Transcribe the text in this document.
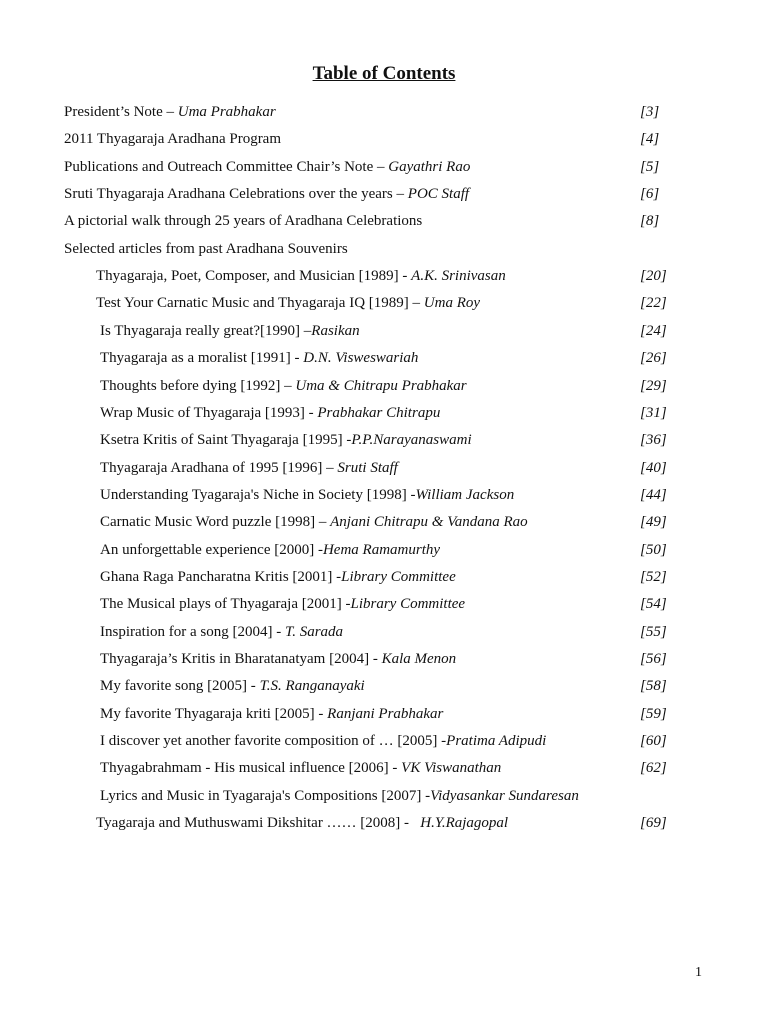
Table of Contents
President’s Note – Uma Prabhakar	[3]
2011 Thyagaraja Aradhana Program	[4]
Publications and Outreach Committee Chair’s Note – Gayathri Rao	[5]
Sruti Thyagaraja Aradhana Celebrations over the years – POC Staff	[6]
A pictorial walk through 25 years of Aradhana Celebrations	[8]
Selected articles from past Aradhana Souvenirs
Thyagaraja, Poet, Composer, and Musician [1989] - A.K. Srinivasan	[20]
Test Your Carnatic Music and Thyagaraja IQ [1989] – Uma Roy	[22]
Is Thyagaraja really great?[1990] –Rasikan	[24]
Thyagaraja as a moralist [1991] - D.N. Visweswariah	[26]
Thoughts before dying [1992] – Uma & Chitrapu Prabhakar	[29]
Wrap Music of Thyagaraja [1993] - Prabhakar Chitrapu	[31]
Ksetra Kritis of Saint Thyagaraja [1995] -P.P.Narayanaswami	[36]
Thyagaraja Aradhana of 1995 [1996] – Sruti Staff	[40]
Understanding Tyagaraja's Niche in Society [1998] -William Jackson	[44]
Carnatic Music Word puzzle [1998] – Anjani Chitrapu & Vandana Rao	[49]
An unforgettable experience [2000] -Hema Ramamurthy	[50]
Ghana Raga Pancharatna Kritis [2001] -Library Committee	[52]
The Musical plays of Thyagaraja [2001] -Library Committee	[54]
Inspiration for a song [2004] - T. Sarada	[55]
Thyagaraja’s Kritis in Bharatanatyam [2004] - Kala Menon	[56]
My favorite song [2005] - T.S. Ranganayaki	[58]
My favorite Thyagaraja kriti [2005] - Ranjani Prabhakar	[59]
I discover yet another favorite composition of … [2005] -Pratima Adipudi	[60]
Thyagabrahmam - His musical influence [2006] - VK Viswanathan	[62]
Lyrics and Music in Tyagaraja's Compositions [2007] -Vidyasankar Sundaresan
Tyagaraja and Muthuswami Dikshitar …… [2008] -   H.Y.Rajagopal	[69]
1
